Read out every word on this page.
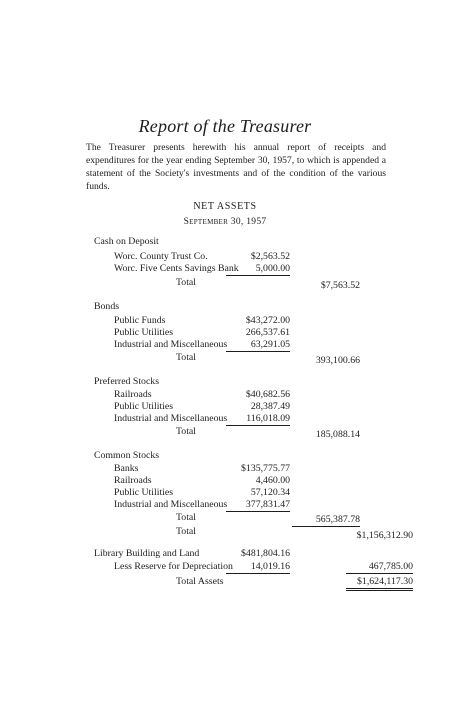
Report of the Treasurer
The Treasurer presents herewith his annual report of receipts and expenditures for the year ending September 30, 1957, to which is appended a statement of the Society's investments and of the condition of the various funds.
NET ASSETS
September 30, 1957
Cash on Deposit
Worc. County Trust Co.	$2,563.52
Worc. Five Cents Savings Bank	5,000.00
Total	$7,563.52
Bonds
Public Funds	$43,272.00
Public Utilities	266,537.61
Industrial and Miscellaneous	63,291.05
Total	393,100.66
Preferred Stocks
Railroads	$40,682.56
Public Utilities	28,387.49
Industrial and Miscellaneous	116,018.09
Total	185,088.14
Common Stocks
Banks	$135,775.77
Railroads	4,460.00
Public Utilities	57,120.34
Industrial and Miscellaneous	377,831.47
Total	565,387.78
Total	$1,156,312.90
Library Building and Land	$481,804.16
Less Reserve for Depreciation	14,019.16	467,785.00
Total Assets	$1,624,117.30
